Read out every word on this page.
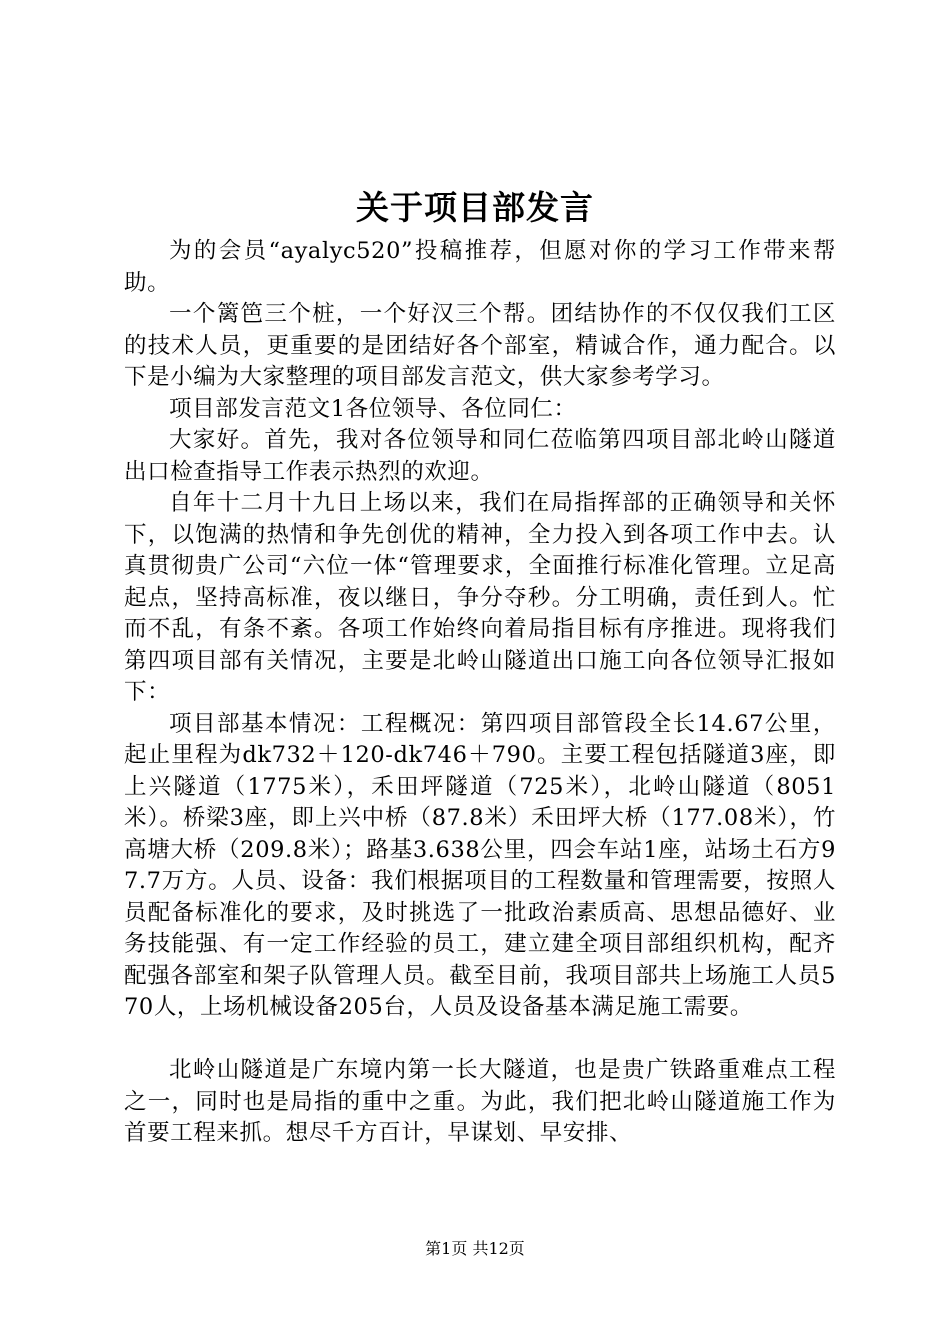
关于项目部发言

为的会员“ayalyc520”投稿推荐，但愿对你的学习工作带来帮助。

一个篱笆三个桩，一个好汉三个帮。团结协作的不仅仅我们工区的技术人员，更重要的是团结好各个部室，精诚合作，通力配合。以下是小编为大家整理的项目部发言范文，供大家参考学习。

项目部发言范文1各位领导、各位同仁：

大家好。首先，我对各位领导和同仁莅临第四项目部北岭山隧道出口检查指导工作表示热烈的欢迎。

自年十二月十九日上场以来，我们在局指挥部的正确领导和关怀下，以饱满的热情和争先创优的精神，全力投入到各项工作中去。认真贯彻贵广公司“六位一体“管理要求，全面推行标准化管理。立足高起点，坚持高标准，夜以继日，争分夺秒。分工明确，责任到人。忙而不乱，有条不紊。各项工作始终向着局指目标有序推进。现将我们第四项目部有关情况，主要是北岭山隧道出口施工向各位领导汇报如下：

项目部基本情况：工程概况：第四项目部管段全长14.67公里，起止里程为dk732＋120-dk746＋790。主要工程包括隧道3座，即上兴隧道（1775米），禾田坪隧道（725米），北岭山隧道（8051米）。桥梁3座，即上兴中桥（87.8米）禾田坪大桥（177.08米），竹高塘大桥（209.8米）；路基3.638公里，四会车站1座，站场土石方97.7万方。人员、设备：我们根据项目的工程数量和管理需要，按照人员配备标准化的要求，及时挑选了一批政治素质高、思想品德好、业务技能强、有一定工作经验的员工，建立建全项目部组织机构，配齐配强各部室和架子队管理人员。截至目前，我项目部共上场施工人员570人，上场机械设备205台，人员及设备基本满足施工需要。

北岭山隧道是广东境内第一长大隧道，也是贵广铁路重难点工程之一，同时也是局指的重中之重。为此，我们把北岭山隧道施工作为首要工程来抓。想尽千方百计，早谋划、早安排、

第1页 共12页
